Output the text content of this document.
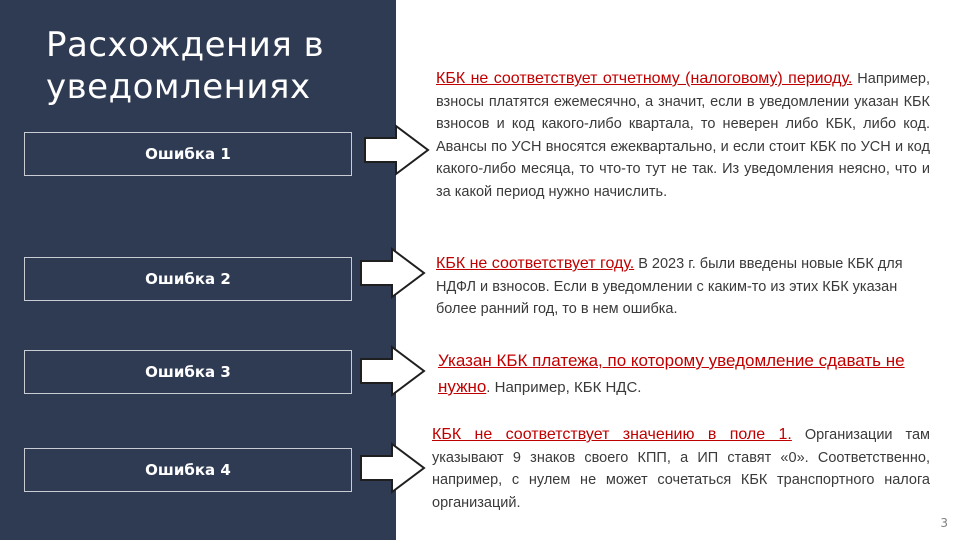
Расхождения в уведомлениях
Ошибка 1
Ошибка 2
Ошибка 3
Ошибка 4
КБК не соответствует отчетному (налоговому) периоду. Например, взносы платятся ежемесячно, а значит, если в уведомлении указан КБК взносов и код какого-либо квартала, то неверен либо КБК, либо код. Авансы по УСН вносятся ежеквартально, и если стоит КБК по УСН и код какого-либо месяца, то что-то тут не так. Из уведомления неясно, что и за какой период нужно начислить.
КБК не соответствует году. В 2023 г. были введены новые КБК для НДФЛ и взносов. Если в уведомлении с каким-то из этих КБК указан более ранний год, то в нем ошибка.
Указан КБК платежа, по которому уведомление сдавать не нужно. Например, КБК НДС.
КБК не соответствует значению в поле 1. Организации там указывают 9 знаков своего КПП, а ИП ставят «0». Соответственно, например, с нулем не может сочетаться КБК транспортного налога организаций.
3
